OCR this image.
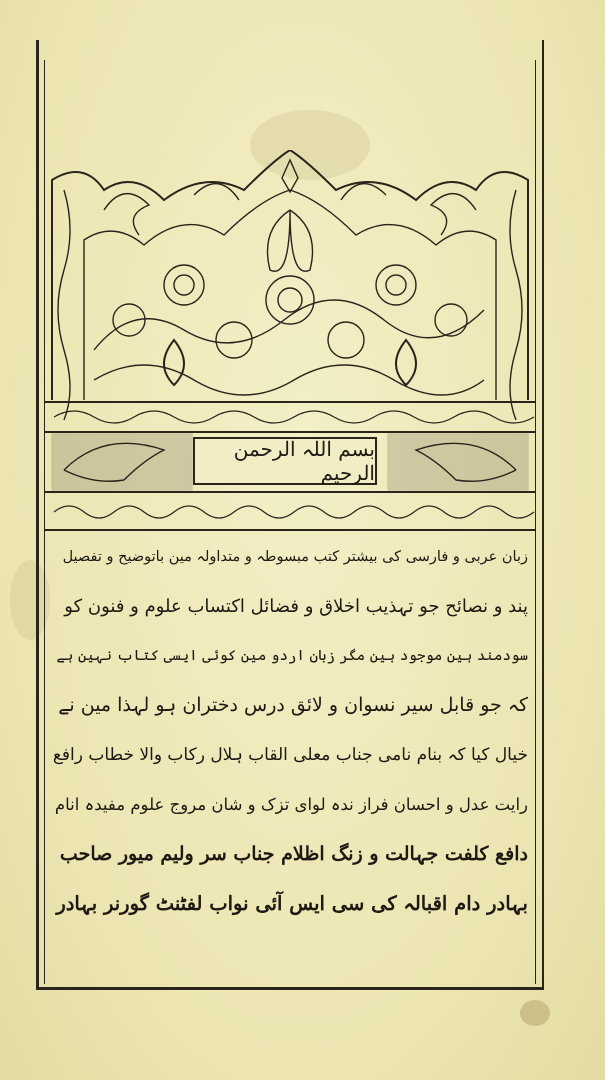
بسم اللہ الرحمن الرحیم
زبان عربی و فارسی کی بیشتر کتب مبسوطہ و متداولہ مین باتوضیح و تفصیل
پند و نصائح جو تہذیب اخلاق و فضائل اکتساب علوم و فنون کو
سودمند ہین موجود ہین مگر زبان اردو مین کوئی ایسی کتاب نہین ہے
کہ جو قابل سیر نسوان و لائق درس دختران ہو لہذا مین نے
خیال کیا کہ بنام نامی جناب معلی القاب ہلال رکاب والا خطاب رافع
رایت عدل و احسان فراز ندہ لوای تزک و شان مروج علوم مفیدہ انام
دافع کلفت جہالت و زنگ اظلام جناب سر ولیم میور صاحب
بہادر دام اقبالہ کی سی ایس آئی نواب لفٹنٹ گورنر بہادر
